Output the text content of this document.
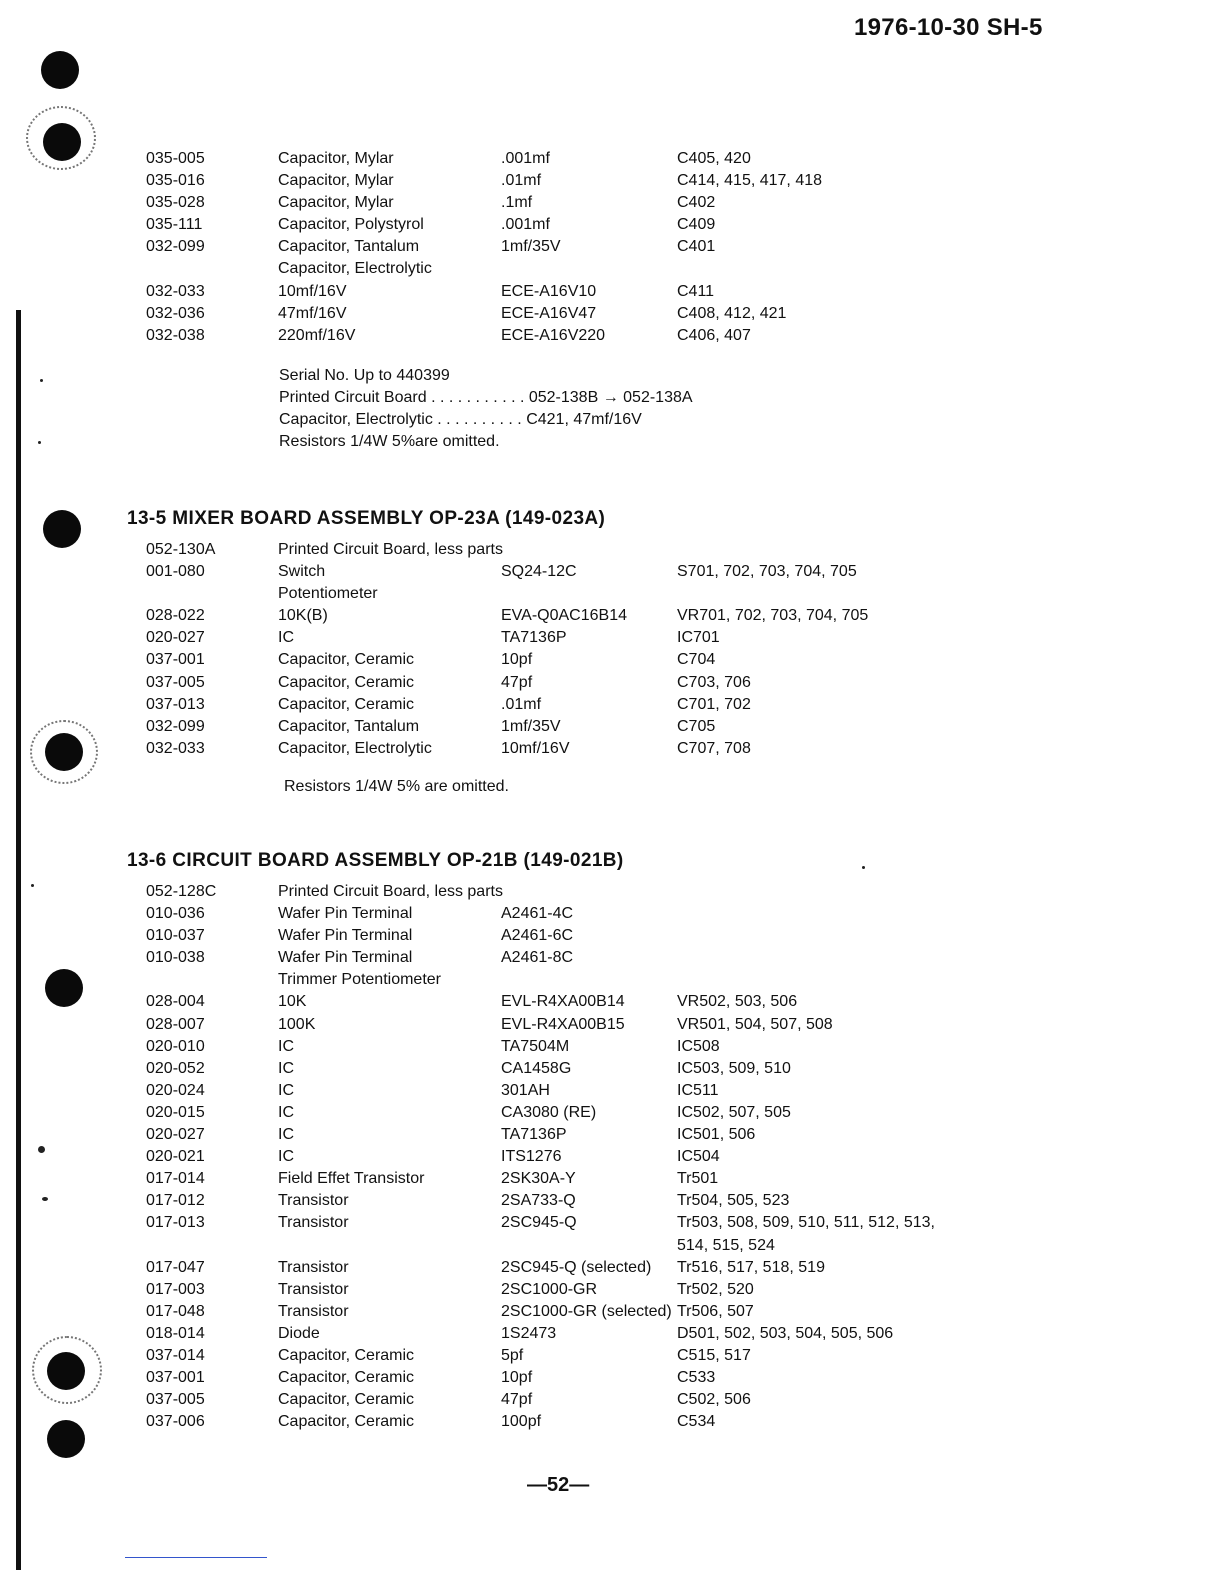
1976-10-30 SH-5
035-005	Capacitor, Mylar	.001mf	C405, 420
035-016	Capacitor, Mylar	.01mf	C414, 415, 417, 418
035-028	Capacitor, Mylar	.1mf	C402
035-111	Capacitor, Polystyrol	.001mf	C409
032-099	Capacitor, Tantalum	1mf/35V	C401
Capacitor, Electrolytic
032-033	10mf/16V	ECE-A16V10	C411
032-036	47mf/16V	ECE-A16V47	C408, 412, 421
032-038	220mf/16V	ECE-A16V220	C406, 407
Serial No. Up to 440399
Printed Circuit Board . . . . . . . . . . . 052-138B → 052-138A
Capacitor, Electrolytic . . . . . . . . . . C421, 47mf/16V
Resistors 1/4W 5%are omitted.
13-5 MIXER BOARD ASSEMBLY OP-23A (149-023A)
052-130A	Printed Circuit Board, less parts
001-080	Switch	SQ24-12C	S701, 702, 703, 704, 705
Potentiometer
028-022	10K(B)	EVA-Q0AC16B14	VR701, 702, 703, 704, 705
020-027	IC	TA7136P	IC701
037-001	Capacitor, Ceramic	10pf	C704
037-005	Capacitor, Ceramic	47pf	C703, 706
037-013	Capacitor, Ceramic	.01mf	C701, 702
032-099	Capacitor, Tantalum	1mf/35V	C705
032-033	Capacitor, Electrolytic	10mf/16V	C707, 708
Resistors 1/4W 5% are omitted.
13-6 CIRCUIT BOARD ASSEMBLY OP-21B (149-021B)
052-128C	Printed Circuit Board, less parts
010-036	Wafer Pin Terminal	A2461-4C
010-037	Wafer Pin Terminal	A2461-6C
010-038	Wafer Pin Terminal	A2461-8C
Trimmer Potentiometer
028-004	10K	EVL-R4XA00B14	VR502, 503, 506
028-007	100K	EVL-R4XA00B15	VR501, 504, 507, 508
020-010	IC	TA7504M	IC508
020-052	IC	CA1458G	IC503, 509, 510
020-024	IC	301AH	IC511
020-015	IC	CA3080 (RE)	IC502, 507, 505
020-027	IC	TA7136P	IC501, 506
020-021	IC	ITS1276	IC504
017-014	Field Effet Transistor	2SK30A-Y	Tr501
017-012	Transistor	2SA733-Q	Tr504, 505, 523
017-013	Transistor	2SC945-Q	Tr503, 508, 509, 510, 511, 512, 513,
514, 515, 524
017-047	Transistor	2SC945-Q (selected) Tr516, 517, 518, 519
017-003	Transistor	2SC1000-GR	Tr502, 520
017-048	Transistor	2SC1000-GR (selected) Tr506, 507
018-014	Diode	1S2473	D501, 502, 503, 504, 505, 506
037-014	Capacitor, Ceramic	5pf	C515, 517
037-001	Capacitor, Ceramic	10pf	C533
037-005	Capacitor, Ceramic	47pf	C502, 506
037-006	Capacitor, Ceramic	100pf	C534
—52—
